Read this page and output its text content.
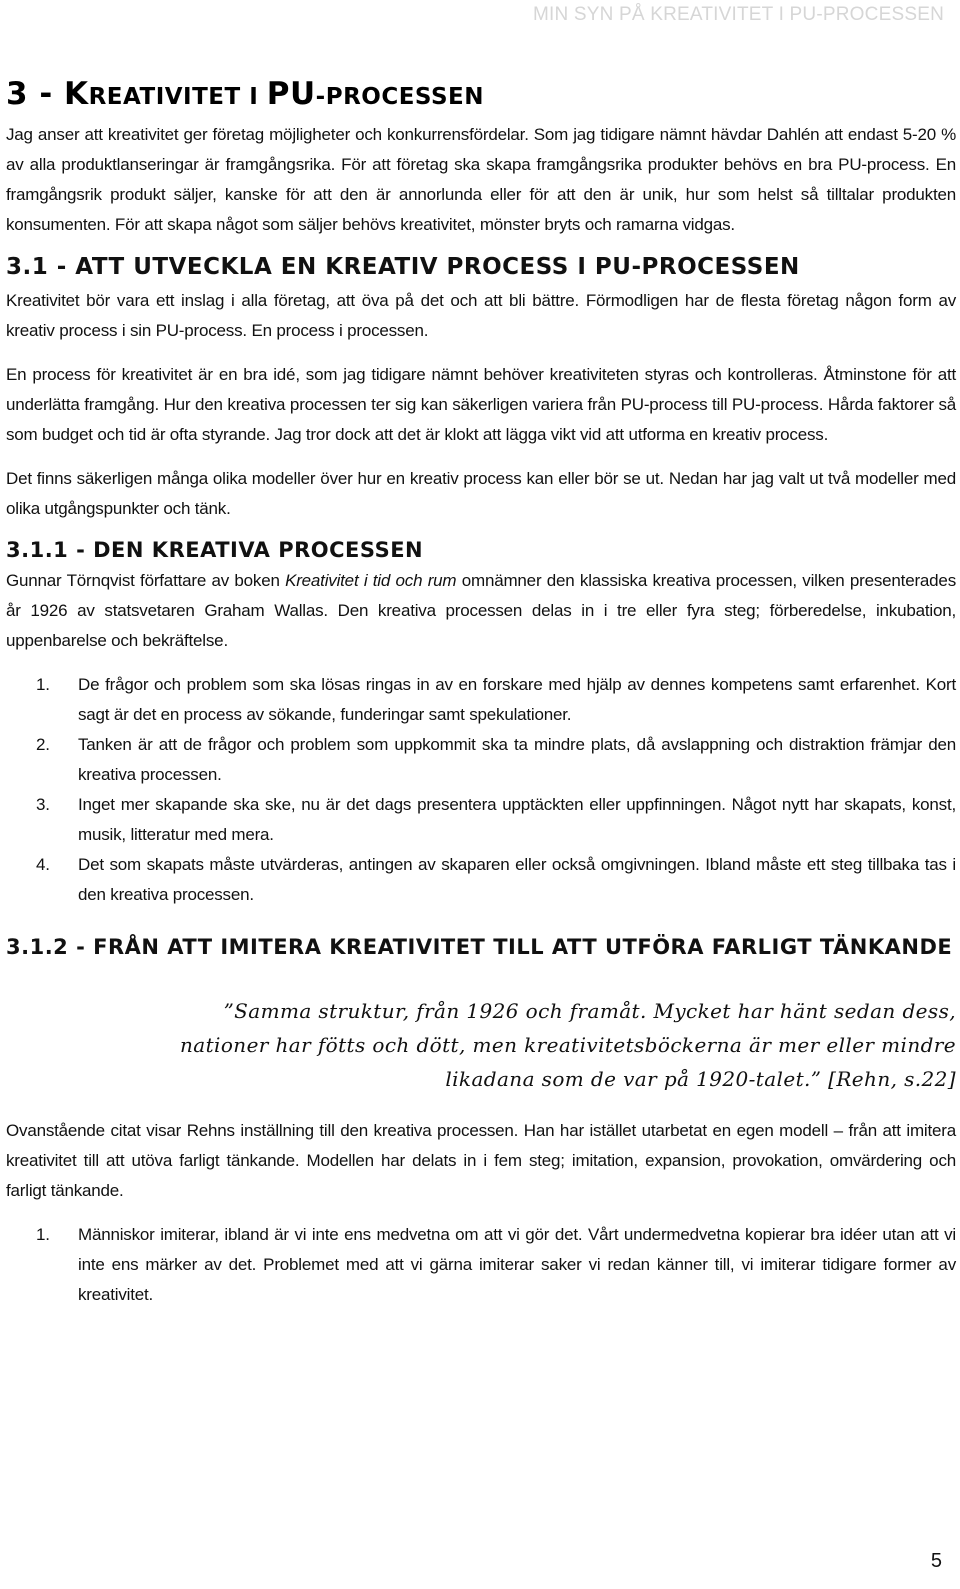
MIN SYN PÅ KREATIVITET I PU-PROCESSEN
3 - KREATIVITET I PU-PROCESSEN

Jag anser att kreativitet ger företag möjligheter och konkurrensfördelar. Som jag tidigare nämnt hävdar Dahlén att endast 5-20 % av alla produktlanseringar är framgångsrika. För att företag ska skapa framgångsrika produkter behövs en bra PU-process. En framgångsrik produkt säljer, kanske för att den är annorlunda eller för att den är unik, hur som helst så tilltalar produkten konsumenten. För att skapa något som säljer behövs kreativitet, mönster bryts och ramarna vidgas.

3.1 - ATT UTVECKLA EN KREATIV PROCESS I PU-PROCESSEN

Kreativitet bör vara ett inslag i alla företag, att öva på det och att bli bättre. Förmodligen har de flesta företag någon form av kreativ process i sin PU-process. En process i processen.

En process för kreativitet är en bra idé, som jag tidigare nämnt behöver kreativiteten styras och kontrolleras. Åtminstone för att underlätta framgång. Hur den kreativa processen ter sig kan säkerligen variera från PU-process till PU-process. Hårda faktorer så som budget och tid är ofta styrande. Jag tror dock att det är klokt att lägga vikt vid att utforma en kreativ process.

Det finns säkerligen många olika modeller över hur en kreativ process kan eller bör se ut. Nedan har jag valt ut två modeller med olika utgångspunkter och tänk.

3.1.1 - DEN KREATIVA PROCESSEN

Gunnar Törnqvist författare av boken Kreativitet i tid och rum omnämner den klassiska kreativa processen, vilken presenterades år 1926 av statsvetaren Graham Wallas. Den kreativa processen delas in i tre eller fyra steg; förberedelse, inkubation, uppenbarelse och bekräftelse.

1. De frågor och problem som ska lösas ringas in av en forskare med hjälp av dennes kompetens samt erfarenhet. Kort sagt är det en process av sökande, funderingar samt spekulationer.
2. Tanken är att de frågor och problem som uppkommit ska ta mindre plats, då avslappning och distraktion främjar den kreativa processen.
3. Inget mer skapande ska ske, nu är det dags presentera upptäckten eller uppfinningen. Något nytt har skapats, konst, musik, litteratur med mera.
4. Det som skapats måste utvärderas, antingen av skaparen eller också omgivningen. Ibland måste ett steg tillbaka tas i den kreativa processen.
3.1.2 - FRÅN ATT IMITERA KREATIVITET TILL ATT UTFÖRA FARLIGT TÄNKANDE
”Samma struktur, från 1926 och framåt. Mycket har hänt sedan dess, nationer har fötts och dött, men kreativitetsböckerna är mer eller mindre likadana som de var på 1920-talet.” [Rehn, s.22]

Ovanstående citat visar Rehns inställning till den kreativa processen. Han har istället utarbetat en egen modell – från att imitera kreativitet till att utöva farligt tänkande. Modellen har delats in i fem steg; imitation, expansion, provokation, omvärdering och farligt tänkande.

1. Människor imiterar, ibland är vi inte ens medvetna om att vi gör det. Vårt undermedvetna kopierar bra idéer utan att vi inte ens märker av det. Problemet med att vi gärna imiterar saker vi redan känner till, vi imiterar tidigare former av kreativitet.
5
